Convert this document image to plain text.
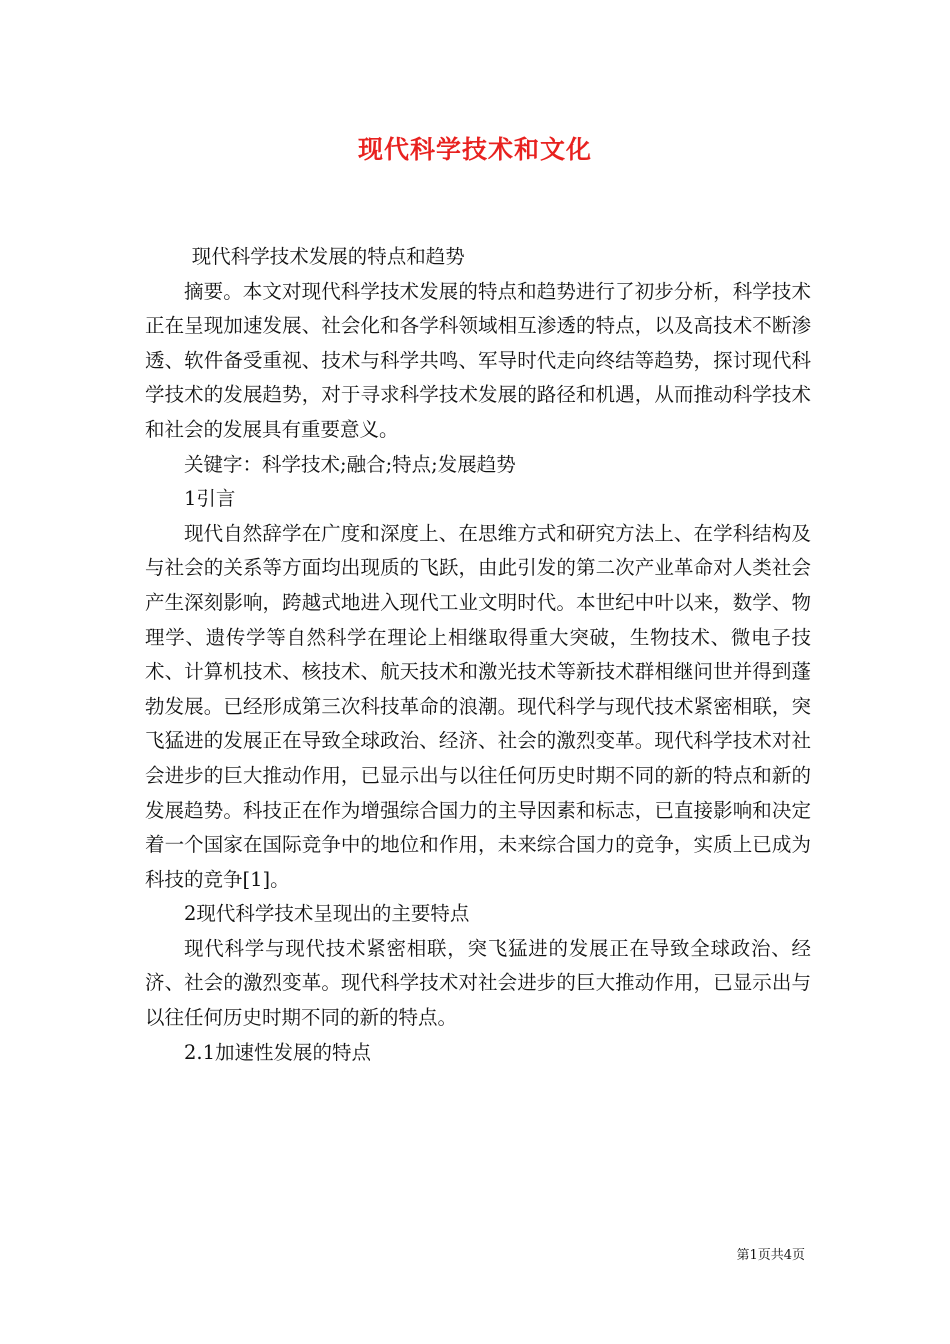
现代科学技术和文化

现代科学技术发展的特点和趋势

摘要。本文对现代科学技术发展的特点和趋势进行了初步分析，科学技术正在呈现加速发展、社会化和各学科领域相互渗透的特点，以及高技术不断渗透、软件备受重视、技术与科学共鸣、军导时代走向终结等趋势，探讨现代科学技术的发展趋势，对于寻求科学技术发展的路径和机遇，从而推动科学技术和社会的发展具有重要意义。

关键字：科学技术;融合;特点;发展趋势

1引言

现代自然辞学在广度和深度上、在思维方式和研究方法上、在学科结构及与社会的关系等方面均出现质的飞跃，由此引发的第二次产业革命对人类社会产生深刻影响，跨越式地进入现代工业文明时代。本世纪中叶以来，数学、物理学、遗传学等自然科学在理论上相继取得重大突破，生物技术、微电子技术、计算机技术、核技术、航天技术和激光技术等新技术群相继问世并得到蓬勃发展。已经形成第三次科技革命的浪潮。现代科学与现代技术紧密相联，突飞猛进的发展正在导致全球政治、经济、社会的激烈变革。现代科学技术对社会进步的巨大推动作用，已显示出与以往任何历史时期不同的新的特点和新的发展趋势。科技正在作为增强综合国力的主导因素和标志，已直接影响和决定着一个国家在国际竞争中的地位和作用，未来综合国力的竞争，实质上已成为科技的竞争[1]。

2现代科学技术呈现出的主要特点

现代科学与现代技术紧密相联，突飞猛进的发展正在导致全球政治、经济、社会的激烈变革。现代科学技术对社会进步的巨大推动作用，已显示出与以往任何历史时期不同的新的特点。

2.1加速性发展的特点

第1页共4页
